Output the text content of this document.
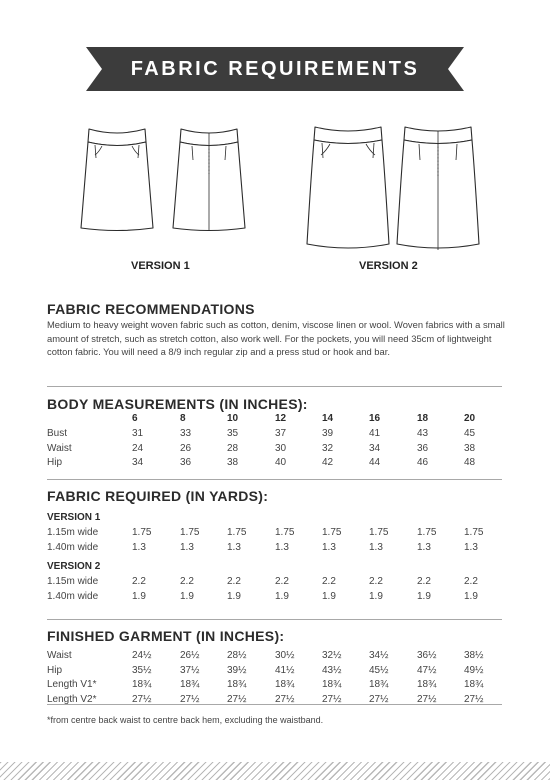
FABRIC REQUIREMENTS
VERSION 1	VERSION 2
FABRIC RECOMMENDATIONS
Medium to heavy weight woven fabric such as cotton, denim, viscose linen or wool. Woven fabrics with a small amount of stretch, such as stretch cotton, also work well. For the pockets, you will need 35cm of lightweight cotton fabric. You will need a 8/9 inch regular zip and a press stud or hook and bar.
BODY MEASUREMENTS (IN INCHES):
6	8	10	12	14	16	18	20
Bust	31	33	35	37	39	41	43	45
Waist	24	26	28	30	32	34	36	38
Hip	34	36	38	40	42	44	46	48
FABRIC REQUIRED (IN YARDS):
VERSION 1
1.15m wide	1.75	1.75	1.75	1.75	1.75	1.75	1.75	1.75
1.40m wide	1.3	1.3	1.3	1.3	1.3	1.3	1.3	1.3
VERSION 2
1.15m wide	2.2	2.2	2.2	2.2	2.2	2.2	2.2	2.2
1.40m wide	1.9	1.9	1.9	1.9	1.9	1.9	1.9	1.9
FINISHED GARMENT (IN INCHES):
Waist	24½	26½	28½	30½	32½	34½	36½	38½
Hip	35½	37½	39½	41½	43½	45½	47½	49½
Length V1*	18¾	18¾	18¾	18¾	18¾	18¾	18¾	18¾
Length V2*	27½	27½	27½	27½	27½	27½	27½	27½
*from centre back waist to centre back hem, excluding the waistband.
